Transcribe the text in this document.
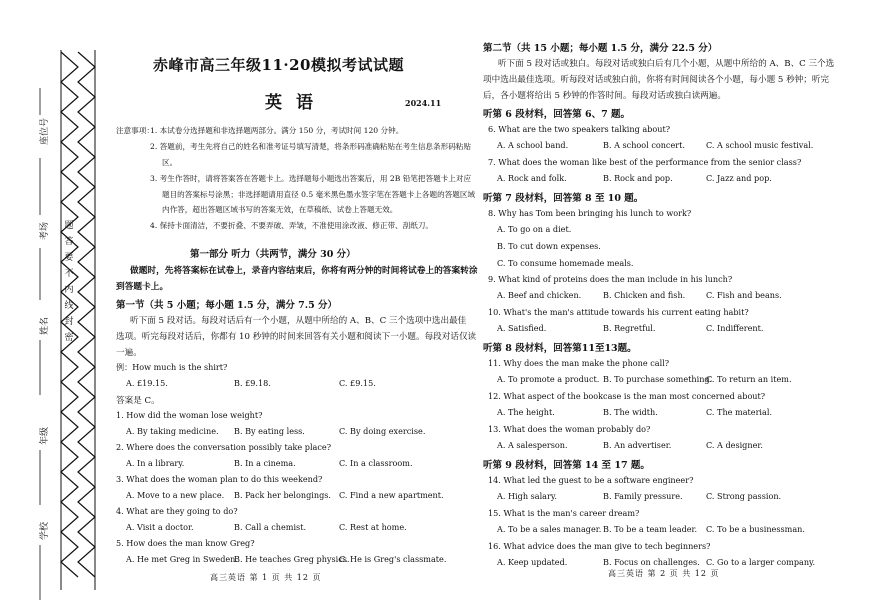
座位号
考场
姓名
年级
学校
题
答
要
不
内
线
封
密
赤峰市高三年级11·20模拟考试试题
英语	2024.11
注意事项：
1. 本试卷分选择题和非选择题两部分。满分 150 分，考试时间 120 分钟。
2. 答题前，考生先将自己的姓名和准考证号填写清楚，将条形码准确粘贴在考生信息条形码粘贴
区。
3. 考生作答时，请将答案答在答题卡上。选择题每小题选出答案后，用 2B 铅笔把答题卡上对应
题目的答案标号涂黑；非选择题请用直径 0.5 毫米黑色墨水签字笔在答题卡上各题的答题区域
内作答，超出答题区域书写的答案无效，在草稿纸、试卷上答题无效。
4. 保持卡面清洁，不要折叠、不要弄破、弄皱，不准使用涂改液、修正带、刮纸刀。
第一部分 听力（共两节，满分 30 分）
做题时，先将答案标在试卷上，录音内容结束后，你将有两分钟的时间将试卷上的答案转涂
到答题卡上。
第一节（共 5 小题；每小题 1.5 分，满分 7.5 分）
听下面 5 段对话。每段对话后有一个小题，从题中所给的 A、B、C 三个选项中选出最佳
选项。听完每段对话后，你都有 10 秒钟的时间来回答有关小题和阅读下一小题。每段对话仅读
一遍。
例：How much is the shirt?
A. £19.15.	B. £9.18.	C. £9.15.
答案是 C。
1. How did the woman lose weight?
A. By taking medicine. B. By eating less.	C. By doing exercise.
2. Where does the conversation possibly take place?
A. In a library.	B. In a cinema.	C. In a classroom.
3. What does the woman plan to do this weekend?
A. Move to a new place. B. Pack her belongings. C. Find a new apartment.
4. What are they going to do?
A. Visit a doctor.	B. Call a chemist.	C. Rest at home.
5. How does the man know Greg?
A. He met Greg in Sweden.
B. He teaches Greg physics.
C. He is Greg's classmate.
高三英语 第 1 页 共 12 页
第二节（共 15 小题；每小题 1.5 分，满分 22.5 分）
听下面 5 段对话或独白。每段对话或独白后有几个小题，从题中所给的 A、B、C 三个选
项中选出最佳选项。听每段对话或独白前，你将有时间阅读各个小题，每小题 5 秒钟；听完
后，各小题将给出 5 秒钟的作答时间。每段对话或独白读两遍。
听第 6 段材料，回答第 6、7 题。
6. What are the two speakers talking about?
A. A school band.	B. A school concert.	C. A school music festival.
7. What does the woman like best of the performance from the senior class?
A. Rock and folk.	B. Rock and pop.	C. Jazz and pop.
听第 7 段材料，回答第 8 至 10 题。
8. Why has Tom been bringing his lunch to work?
A. To go on a diet.
B. To cut down expenses.
C. To consume homemade meals.
9. What kind of proteins does the man include in his lunch?
A. Beef and chicken.	B. Chicken and fish.	C. Fish and beans.
10. What's the man's attitude towards his current eating habit?
A. Satisfied.	B. Regretful.	C. Indifferent.
听第 8 段材料，回答第11至13题。
11. Why does the man make the phone call?
A. To promote a product. B. To purchase something.
C. To return an item.
12. What aspect of the bookcase is the man most concerned about?
A. The height.	B. The width.	C. The material.
13. What does the woman probably do?
A. A salesperson.	B. An advertiser.	C. A designer.
听第 9 段材料，回答第 14 至 17 题。
14. What led the guest to be a software engineer?
A. High salary.	B. Family pressure.	C. Strong passion.
15. What is the man's career dream?
A. To be a sales manager. B. To be a team leader. C. To be a businessman.
16. What advice does the man give to tech beginners?
A. Keep updated.	B. Focus on challenges. C. Go to a larger company.
高三英语 第 2 页 共 12 页
